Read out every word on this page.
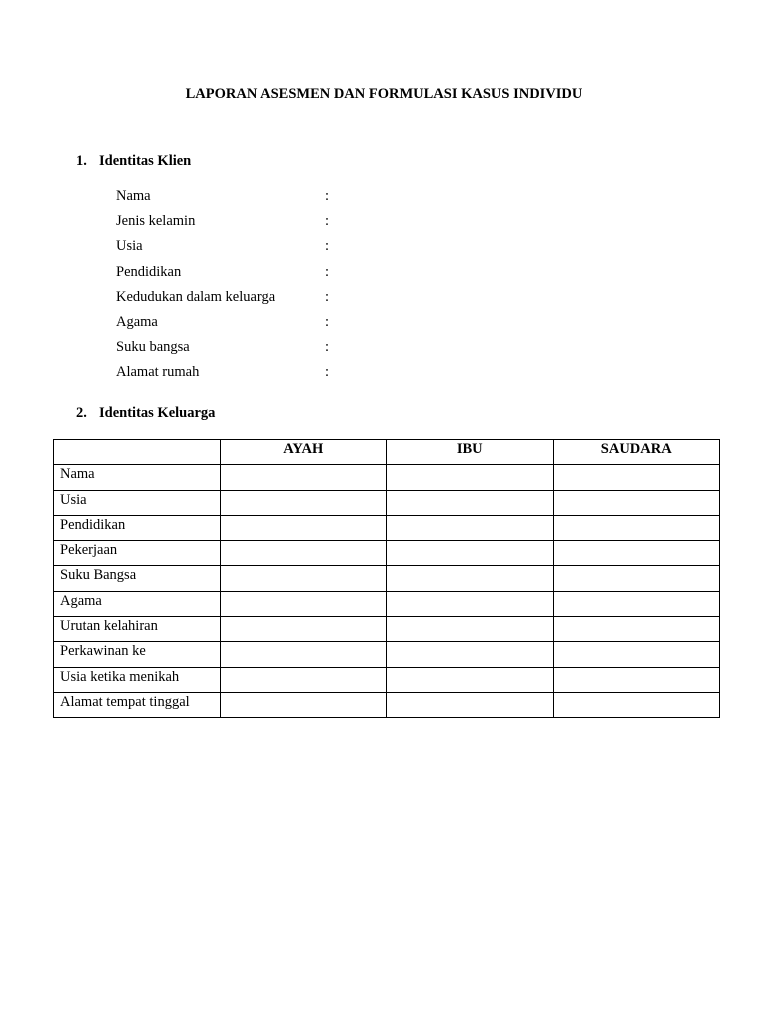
LAPORAN ASESMEN DAN FORMULASI KASUS INDIVIDU
1. Identitas Klien
Nama	:
Jenis kelamin	:
Usia	:
Pendidikan	:
Kedudukan dalam keluarga	:
Agama	:
Suku bangsa	:
Alamat rumah	:
2. Identitas Keluarga
	AYAH	IBU	SAUDARA
Nama			
Usia			
Pendidikan			
Pekerjaan			
Suku Bangsa			
Agama			
Urutan kelahiran			
Perkawinan ke			
Usia ketika menikah			
Alamat tempat tinggal			
